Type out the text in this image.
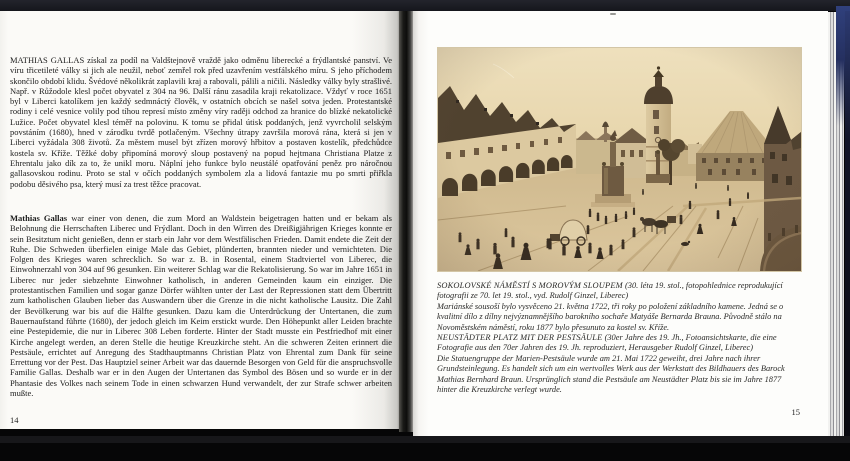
MATHIAS GALLAS získal za podíl na Valdštejnově vraždě jako odměnu liberecké a frýdlantské panství. Ve víru třicetileté války si jich ale neužil, neboť zemřel rok před uzavřením vestfálského míru. S jeho příchodem skončilo období klidu. Švédové několikrát zaplavili kraj a rabovali, pálili a ničili. Následky války byly strašlivé. Např. v Růžodole klesl počet obyvatel z 304 na 96. Další ránu zasadila kraji rekatolizace. Vždyť v roce 1651 byl v Liberci katolíkem jen každý sedmnáctý člověk, v ostatních obcích se našel sotva jeden. Protestantské rodiny i celé vesnice volily pod tíhou represí místo změny víry raději odchod za hranice do blízké nekatolické Lužice. Počet obyvatel klesl téměř na polovinu. K tomu se přidal útisk poddaných, jenž vyvrcholil selským povstáním (1680), hned v zárodku tvrdě potlačeným. Všechny útrapy završila morová rána, která si jen v Liberci vyžádala 308 životů. Za městem musel být zřízen morový hřbitov a postaven kostelík, předchůdce kostela sv. Kříže. Těžké doby připomíná morový sloup postavený na popud hejtmana Christiana Platze z Ehrentalu jako dík za to, že unikl moru. Náplní jeho funkce bylo neustálé opatřování peněz pro náročnou gallasovskou rodinu. Proto se stal v očích poddaných symbolem zla a lidová fantazie mu po smrti přiřkla podobu děsivého psa, který musí za trest těžce pracovat.

Mathias Gallas war einer von denen, die zum Mord an Waldstein beigetragen hatten und er bekam als Belohnung die Herrschaften Liberec und Frýdlant. Doch in den Wirren des Dreißigjährigen Krieges konnte er sein Besitztum nicht genießen, denn er starb ein Jahr vor dem Westfälischen Frieden. Damit endete die Zeit der Ruhe. Die Schweden überfielen einige Male das Gebiet, plünderten, brannten nieder und vernichteten. Die Folgen des Krieges waren schrecklich. So war z. B. in Rosental, einem Stadtviertel von Liberec, die Einwohnerzahl von 304 auf 96 gesunken. Ein weiterer Schlag war die Rekatolisierung. So war im Jahre 1651 in Liberec nur jeder siebzehnte Einwohner katholisch, in anderen Gemeinden kaum ein einziger. Die protestantischen Familien und sogar ganze Dörfer wählten unter der Last der Repressionen statt dem Übertritt zum katholischen Glauben lieber das Auswandern über die Grenze in die nicht katholische Lausitz. Die Zahl der Bevölkerung war bis auf die Hälfte gesunken. Dazu kam die Unterdrückung der Untertanen, die zum Bauernaufstand führte (1680), der jedoch gleich im Keim erstickt wurde. Den Höhepunkt aller Leiden brachte eine Pestepidemie, die nur in Liberec 308 Leben forderte. Hinter der Stadt musste ein Pestfriedhof mit einer Kirche angelegt werden, an deren Stelle die heutige Kreuzkirche steht. An die schweren Zeiten erinnert die Pestsäule, errichtet auf Anregung des Stadthauptmanns Christian Platz von Ehrental zum Dank für seine Errettung vor der Pest. Das Hauptziel seiner Arbeit war das dauernde Besorgen von Geld für die anspruchsvolle Familie Gallas. Deshalb war er in den Augen der Untertanen das Symbol des Bösen und so wurde er in der Phantasie des Volkes nach seinem Tode in einen schwarzen Hund verwandelt, der zur Strafe schwer arbeiten mußte.

14

SOKOLOVSKÉ NÁMĚSTÍ S MOROVÝM SLOUPEM (30. léta 19. stol., fotopohlednice reprodukující fotografii ze 70. let 19. stol., vyd. Rudolf Ginzel, Liberec)

Mariánské sousoší bylo vysvěceno 21. května 1722, tři roky po položení základního kamene. Jedná se o kvalitní dílo z dílny nejvýznamnějšího barokního sochaře Matyáše Bernarda Brauna. Původně stálo na Novoměstském náměstí, roku 1877 bylo přesunuto za kostel sv. Kříže.

NEUSTÄDTER PLATZ MIT DER PESTSÄULE (30er Jahre des 19. Jh., Fotoansichtskarte, die eine Fotografie aus den 70er Jahren des 19. Jh. reproduziert, Herausgeber Rudolf Ginzel, Liberec)

Die Statuengruppe der Marien-Pestsäule wurde am 21. Mai 1722 geweiht, drei Jahre nach ihrer Grundsteinlegung. Es handelt sich um ein wertvolles Werk aus der Werkstatt des Bildhauers des Barock Mathias Bernhard Braun. Ursprünglich stand die Pestsäule am Neustädter Platz bis sie im Jahre 1877 hinter die Kreuzkirche verlegt wurde.

15
